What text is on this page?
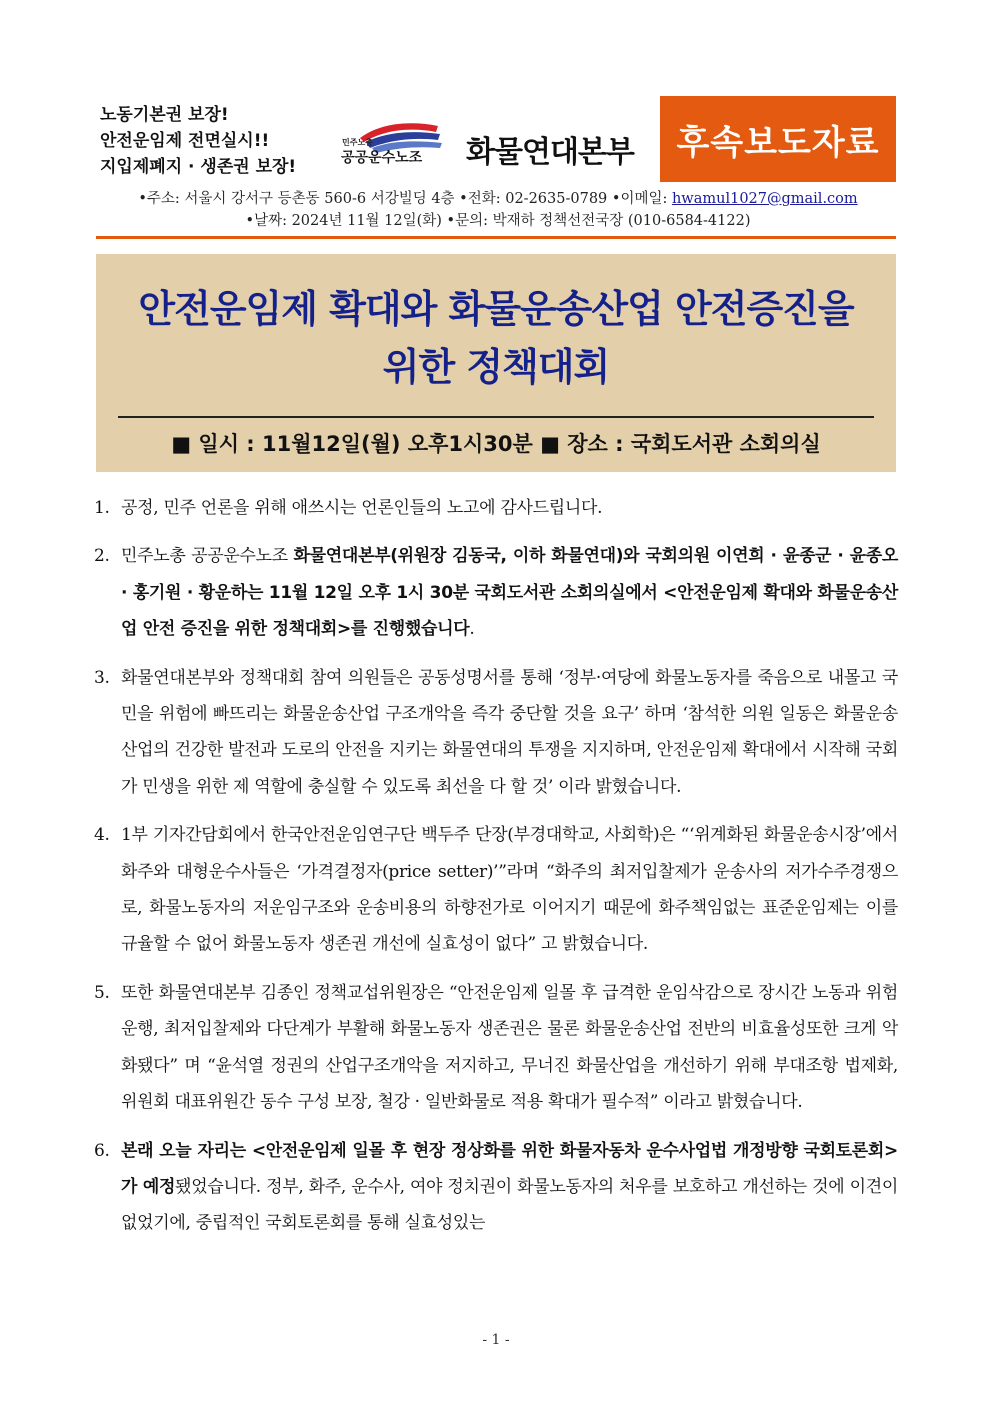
노동기본권 보장!
안전운임제 전면실시!!
지입제폐지 · 생존권 보장!
민주노총
공공운수노조 화물연대본부	후속보도자료
•주소: 서울시 강서구 등촌동 560-6 서강빌딩 4층 •전화: 02-2635-0789 •이메일: hwamul1027@gmail.com
•날짜: 2024년 11월 12일(화) •문의: 박재하 정책선전국장 (010-6584-4122)
안전운임제 확대와 화물운송산업 안전증진을
위한 정책대회
■ 일시 : 11월12일(월) 오후1시30분 ■ 장소 : 국회도서관 소회의실
1. 공정, 민주 언론을 위해 애쓰시는 언론인들의 노고에 감사드립니다.
2. 민주노총 공공운수노조 화물연대본부(위원장 김동국, 이하 화물연대)와 국회의원 이연희 · 윤종군 · 윤종오 · 홍기원 · 황운하는 11월 12일 오후 1시 30분 국회도서관 소회의실에서 <안전운임제 확대와 화물운송산업 안전 증진을 위한 정책대회>를 진행했습니다.
3. 화물연대본부와 정책대회 참여 의원들은 공동성명서를 통해 ‘정부·여당에 화물노동자를 죽음으로 내몰고 국민을 위험에 빠뜨리는 화물운송산업 구조개악을 즉각 중단할 것을 요구’ 하며 ‘참석한 의원 일동은 화물운송산업의 건강한 발전과 도로의 안전을 지키는 화물연대의 투쟁을 지지하며, 안전운임제 확대에서 시작해 국회가 민생을 위한 제 역할에 충실할 수 있도록 최선을 다 할 것’ 이라 밝혔습니다.
4. 1부 기자간담회에서 한국안전운임연구단 백두주 단장(부경대학교, 사회학)은 “‘위계화된 화물운송시장’에서 화주와 대형운수사들은 ‘가격결정자(price setter)’”라며 “화주의 최저입찰제가 운송사의 저가수주경쟁으로, 화물노동자의 저운임구조와 운송비용의 하향전가로 이어지기 때문에 화주책임없는 표준운임제는 이를 규율할 수 없어 화물노동자 생존권 개선에 실효성이 없다” 고 밝혔습니다.
5. 또한 화물연대본부 김종인 정책교섭위원장은 “안전운임제 일몰 후 급격한 운임삭감으로 장시간 노동과 위험운행, 최저입찰제와 다단계가 부활해 화물노동자 생존권은 물론 화물운송산업 전반의 비효율성또한 크게 악화됐다” 며 “윤석열 정권의 산업구조개악을 저지하고, 무너진 화물산업을 개선하기 위해 부대조항 법제화, 위원회 대표위원간 동수 구성 보장, 철강 · 일반화물로 적용 확대가 필수적” 이라고 밝혔습니다.
6. 본래 오늘 자리는 <안전운임제 일몰 후 현장 정상화를 위한 화물자동차 운수사업법 개정방향 국회토론회>가 예정됐었습니다. 정부, 화주, 운수사, 여야 정치권이 화물노동자의 처우를 보호하고 개선하는 것에 이견이 없었기에, 중립적인 국회토론회를 통해 실효성있는
- 1 -
